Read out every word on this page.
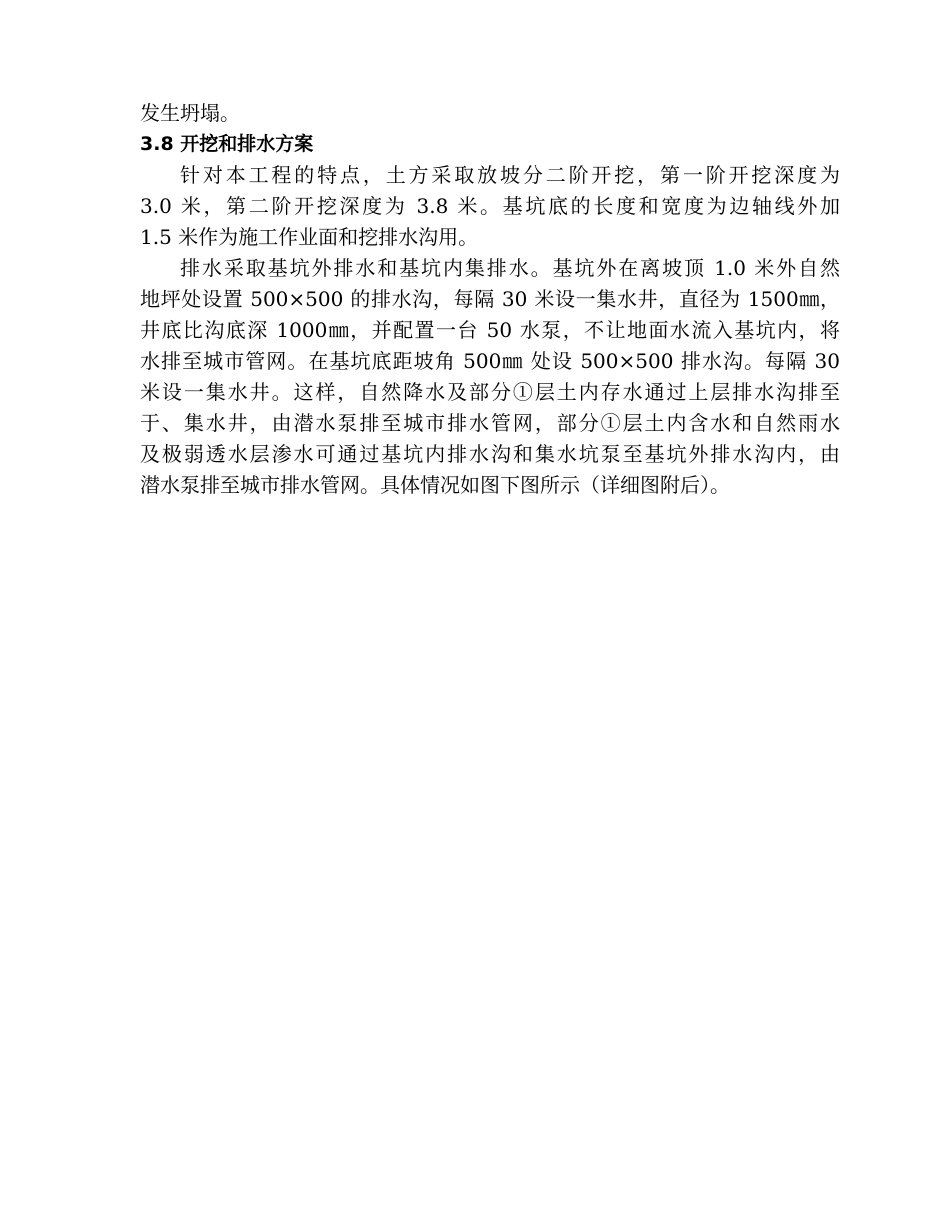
发生坍塌。
3.8 开挖和排水方案
针对本工程的特点，土方采取放坡分二阶开挖，第一阶开挖深度为
3.0 米，第二阶开挖深度为 3.8 米。基坑底的长度和宽度为边轴线外加
1.5 米作为施工作业面和挖排水沟用。
排水采取基坑外排水和基坑内集排水。基坑外在离坡顶 1.0 米外自然
地坪处设置 500×500 的排水沟，每隔 30 米设一集水井，直径为 1500㎜，
井底比沟底深 1000㎜，并配置一台 50 水泵，不让地面水流入基坑内，将
水排至城市管网。在基坑底距坡角 500㎜ 处设 500×500 排水沟。每隔 30
米设一集水井。这样，自然降水及部分①层土内存水通过上层排水沟排至
于、集水井，由潜水泵排至城市排水管网，部分①层土内含水和自然雨水
及极弱透水层渗水可通过基坑内排水沟和集水坑泵至基坑外排水沟内，由
潜水泵排至城市排水管网。具体情况如图下图所示（详细图附后）。
